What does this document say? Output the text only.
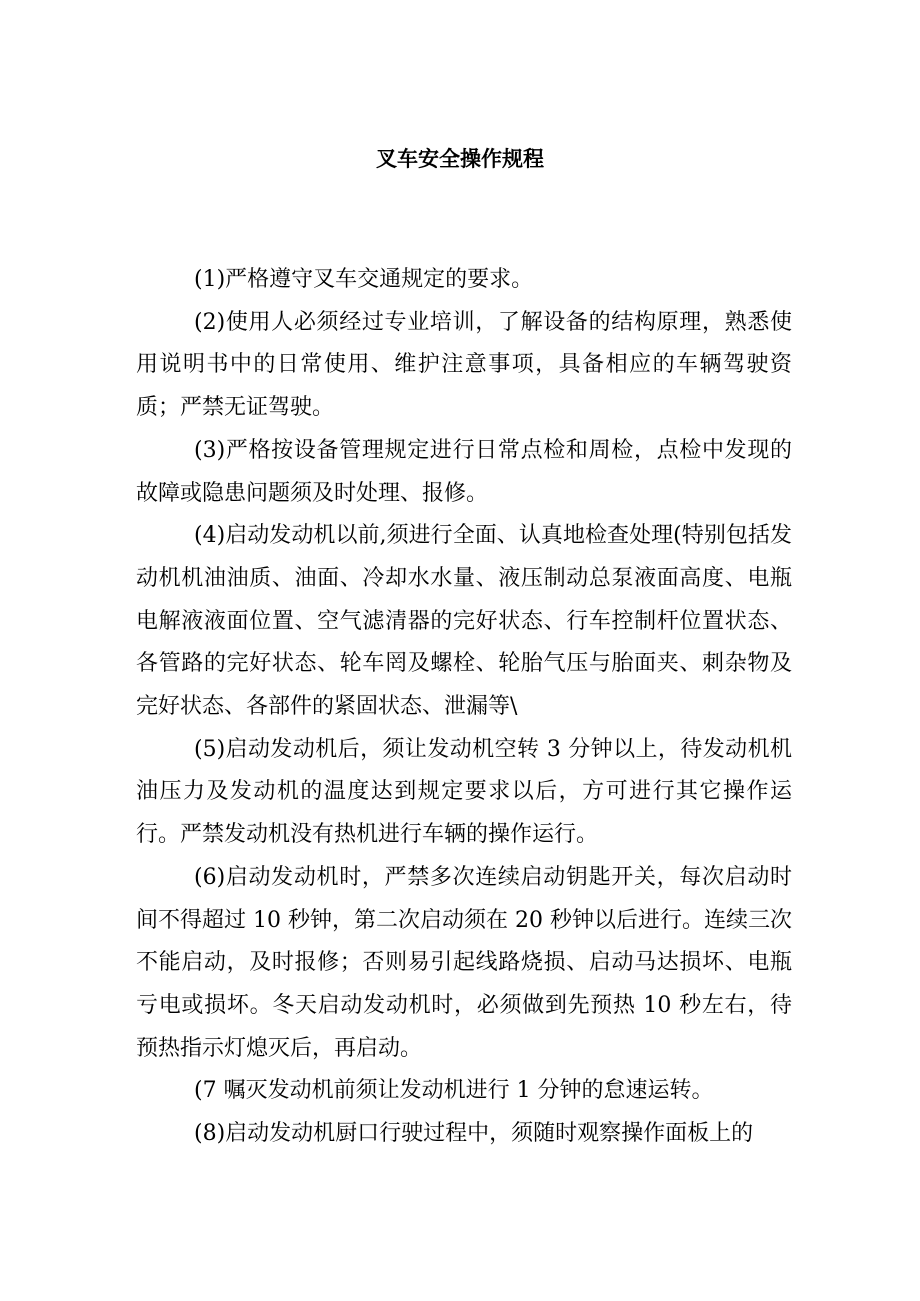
叉车安全操作规程

(1)严格遵守叉车交通规定的要求。

(2)使用人必须经过专业培训，了解设备的结构原理，熟悉使用说明书中的日常使用、维护注意事项，具备相应的车辆驾驶资质；严禁无证驾驶。

(3)严格按设备管理规定进行日常点检和周检，点检中发现的故障或隐患问题须及时处理、报修。

(4)启动发动机以前,须进行全面、认真地检查处理(特别包括发动机机油油质、油面、冷却水水量、液压制动总泵液面高度、电瓶电解液液面位置、空气滤清器的完好状态、行车控制杆位置状态、各管路的完好状态、轮车罔及螺栓、轮胎气压与胎面夹、刺杂物及完好状态、各部件的紧固状态、泄漏等\

(5)启动发动机后，须让发动机空转 3 分钟以上，待发动机机油压力及发动机的温度达到规定要求以后，方可进行其它操作运行。严禁发动机没有热机进行车辆的操作运行。

(6)启动发动机时，严禁多次连续启动钥匙开关，每次启动时间不得超过 10 秒钟，第二次启动须在 20 秒钟以后进行。连续三次不能启动，及时报修；否则易引起线路烧损、启动马达损坏、电瓶亏电或损坏。冬天启动发动机时，必须做到先预热 10 秒左右，待预热指示灯熄灭后，再启动。

(7 嘱灭发动机前须让发动机进行 1 分钟的怠速运转。

(8)启动发动机厨口行驶过程中，须随时观察操作面板上的
